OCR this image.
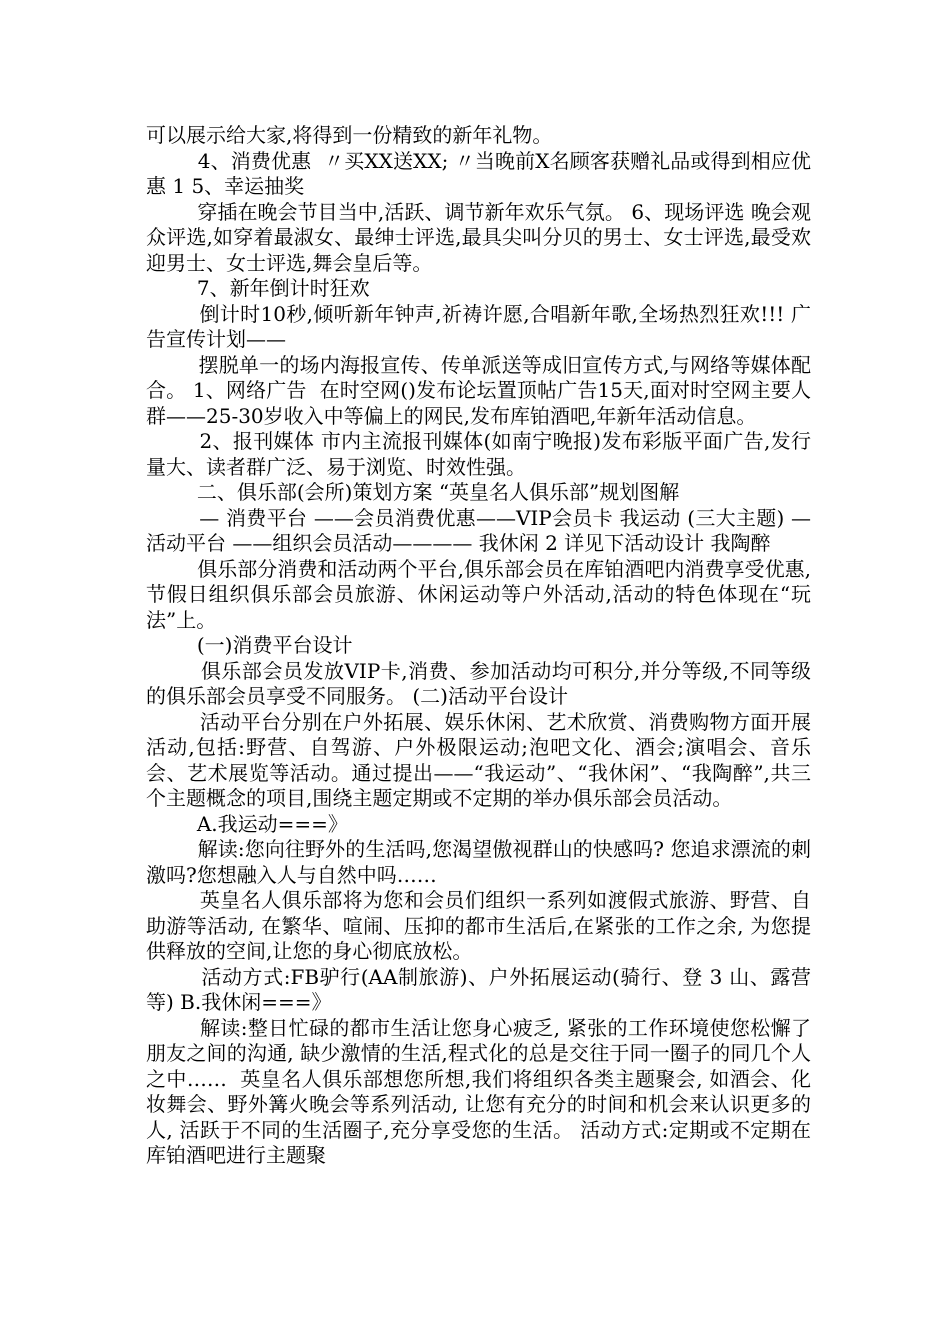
可以展示给大家,将得到一份精致的新年礼物。

4、消费优惠  〃买XX送XX; 〃当晚前X名顾客获赠礼品或得到相应优惠 1 5、幸运抽奖

穿插在晚会节目当中,活跃、调节新年欢乐气氛。 6、现场评选 晚会观众评选,如穿着最淑女、最绅士评选,最具尖叫分贝的男士、女士评选,最受欢迎男士、女士评选,舞会皇后等。

7、新年倒计时狂欢

倒计时10秒,倾听新年钟声,祈祷许愿,合唱新年歌,全场热烈狂欢!!! 广告宣传计划——

摆脱单一的场内海报宣传、传单派送等成旧宣传方式,与网络等媒体配合。 1、网络广告  在时空网()发布论坛置顶帖广告15天,面对时空网主要人群——25-30岁收入中等偏上的网民,发布库铂酒吧,年新年活动信息。

2、报刊媒体 市内主流报刊媒体(如南宁晚报)发布彩版平面广告,发行量大、读者群广泛、易于浏览、时效性强。

二、俱乐部(会所)策划方案 “英皇名人俱乐部”规划图解

— 消费平台 ——会员消费优惠——VIP会员卡 我运动 (三大主题) — 活动平台 ——组织会员活动———— 我休闲 2 详见下活动设计 我陶醉

俱乐部分消费和活动两个平台,俱乐部会员在库铂酒吧内消费享受优惠,节假日组织俱乐部会员旅游、休闲运动等户外活动,活动的特色体现在“玩法”上。

(一)消费平台设计

俱乐部会员发放VIP卡,消费、参加活动均可积分,并分等级,不同等级的俱乐部会员享受不同服务。 (二)活动平台设计

活动平台分别在户外拓展、娱乐休闲、艺术欣赏、消费购物方面开展活动,包括:野营、自驾游、户外极限运动;泡吧文化、酒会;演唱会、音乐会、艺术展览等活动。通过提出——“我运动”、“我休闲”、“我陶醉”,共三个主题概念的项目,围绕主题定期或不定期的举办俱乐部会员活动。

A.我运动===》

解读:您向往野外的生活吗,您渴望傲视群山的快感吗? 您追求漂流的刺激吗?您想融入人与自然中吗……

英皇名人俱乐部将为您和会员们组织一系列如渡假式旅游、野营、自助游等活动, 在繁华、喧闹、压抑的都市生活后,在紧张的工作之余, 为您提供释放的空间,让您的身心彻底放松。

活动方式:FB驴行(AA制旅游)、户外拓展运动(骑行、登 3 山、露营等) B.我休闲===》

解读:整日忙碌的都市生活让您身心疲乏, 紧张的工作环境使您松懈了朋友之间的沟通, 缺少激情的生活,程式化的总是交往于同一圈子的同几个人之中……  英皇名人俱乐部想您所想,我们将组织各类主题聚会, 如酒会、化妆舞会、野外篝火晚会等系列活动, 让您有充分的时间和机会来认识更多的人, 活跃于不同的生活圈子,充分享受您的生活。 活动方式:定期或不定期在库铂酒吧进行主题聚
